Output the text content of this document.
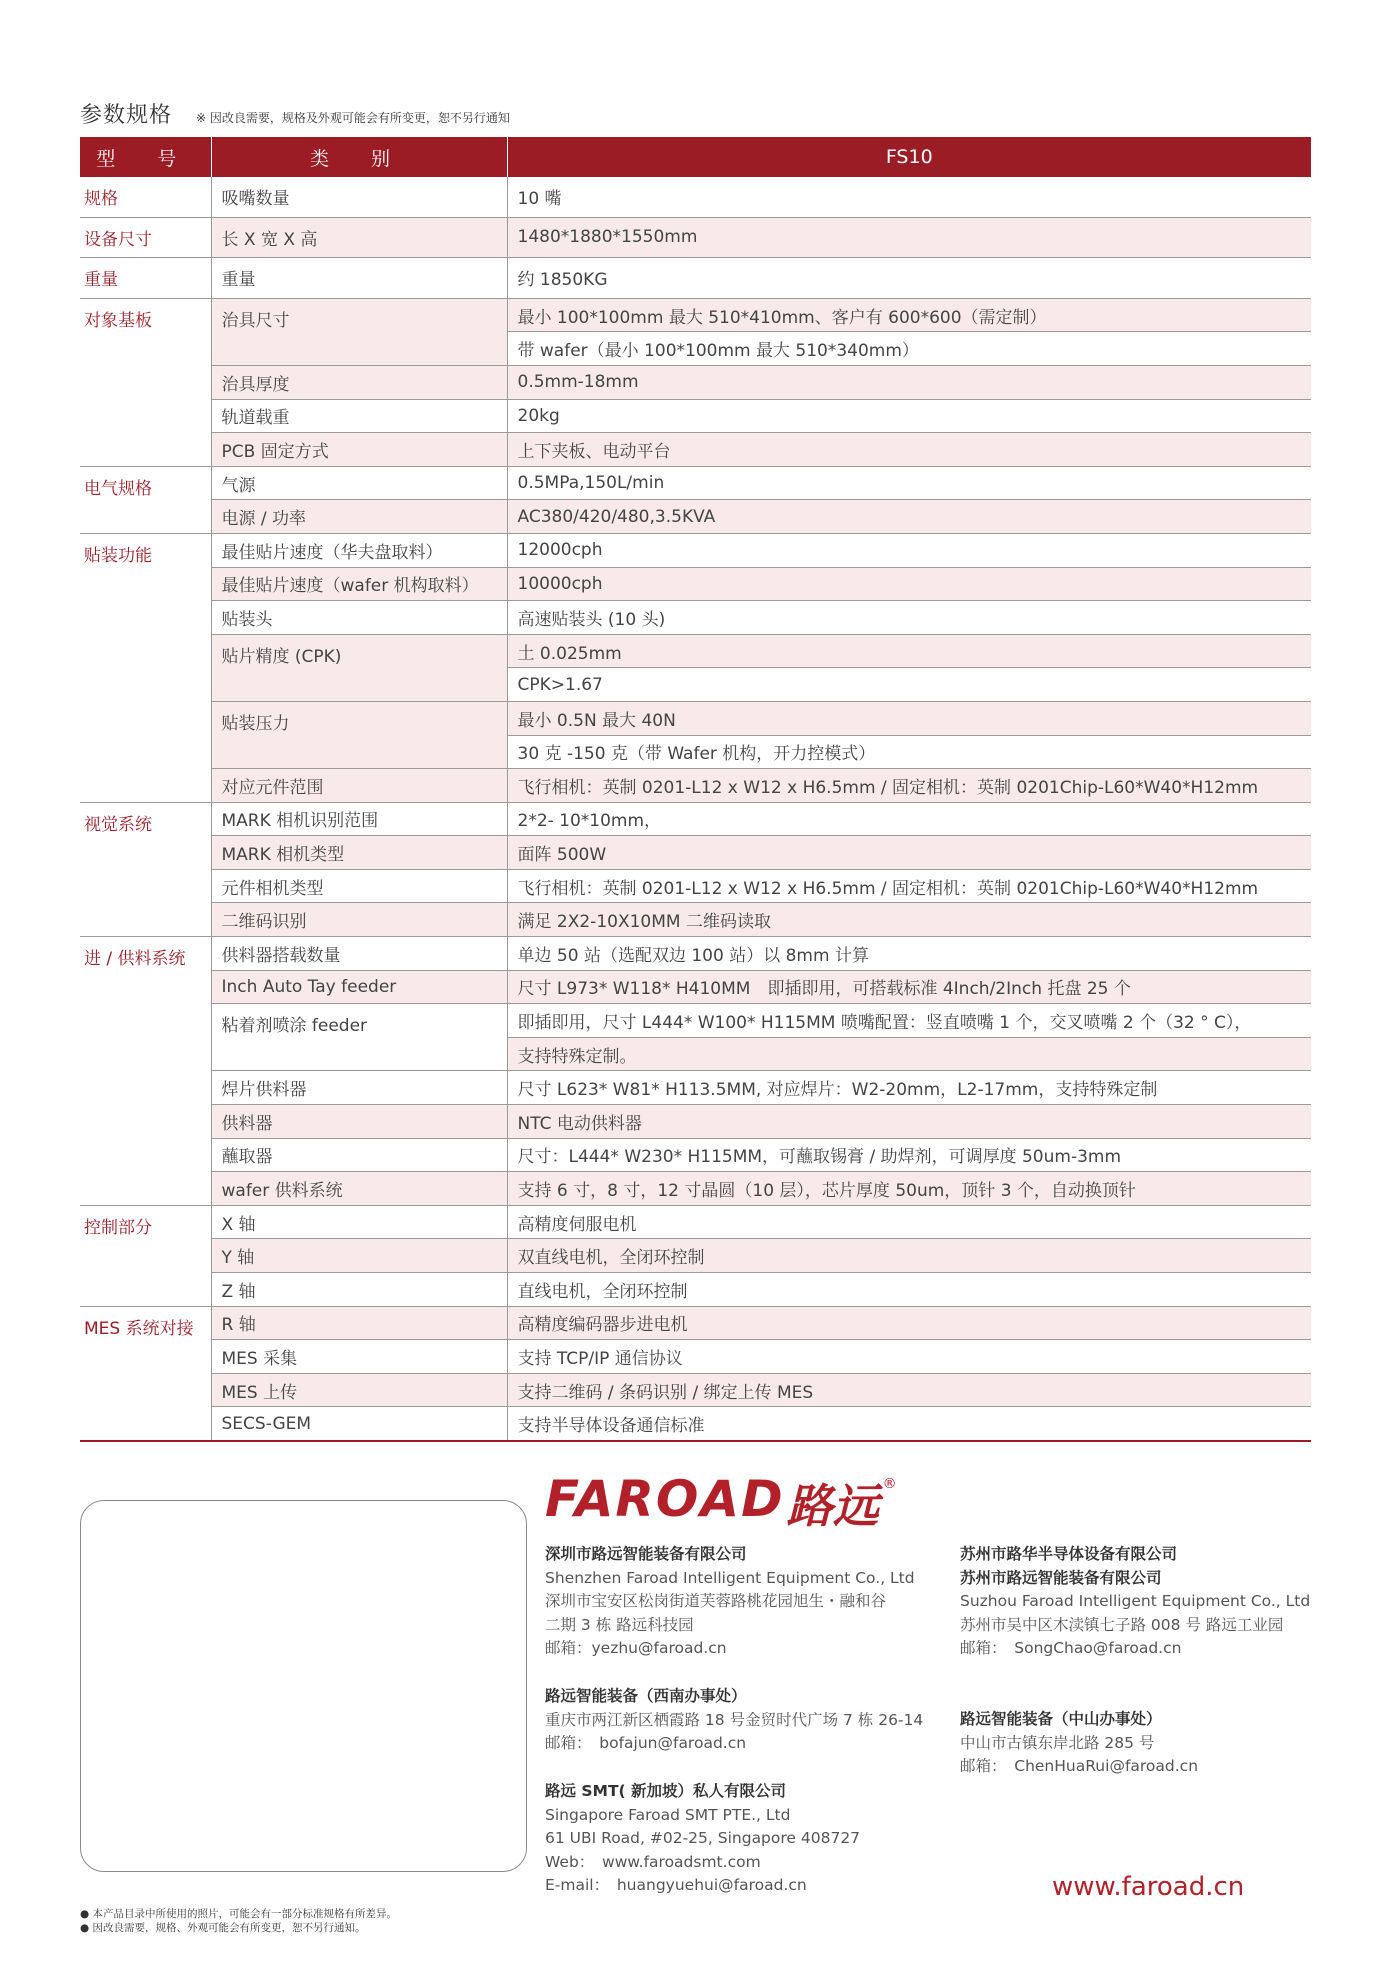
参数规格 ※ 因改良需要，规格及外观可能会有所变更，恕不另行通知
型 号	类 别	FS10
规格	吸嘴数量	10 嘴
设备尺寸	长 X 宽 X 高	1480*1880*1550mm
重量	重量	约 1850KG
对象基板	治具尺寸	最小 100*100mm 最大 510*410mm、客户有 600*600（需定制）
		带 wafer（最小 100*100mm 最大 510*340mm）
	治具厚度	0.5mm-18mm
	轨道载重	20kg
	PCB 固定方式	上下夹板、电动平台
电气规格	气源	0.5MPa,150L/min
	电源 / 功率	AC380/420/480,3.5KVA
贴装功能	最佳贴片速度（华夫盘取料）	12000cph
	最佳贴片速度（wafer 机构取料）	10000cph
	贴装头	高速贴装头 (10 头)
	贴片精度 (CPK)	土 0.025mm
		CPK>1.67
	贴装压力	最小 0.5N 最大 40N
		30 克 -150 克（带 Wafer 机构，开力控模式）
	对应元件范围	飞行相机：英制 0201-L12 x W12 x H6.5mm / 固定相机：英制 0201Chip-L60*W40*H12mm
视觉系统	MARK 相机识别范围	2*2- 10*10mm，
	MARK 相机类型	面阵 500W
	元件相机类型	飞行相机：英制 0201-L12 x W12 x H6.5mm / 固定相机：英制 0201Chip-L60*W40*H12mm
	二维码识别	满足 2X2-10X10MM 二维码读取
进 / 供料系统	供料器搭载数量	单边 50 站（选配双边 100 站）以 8mm 计算
	Inch Auto Tay feeder	尺寸 L973* W118* H410MM　即插即用，可搭载标准 4Inch/2Inch 托盘 25 个
	粘着剂喷涂 feeder	即插即用，尺寸 L444* W100* H115MM 喷嘴配置：竖直喷嘴 1 个，交叉喷嘴 2 个（32 ° C），
		支持特殊定制。
	焊片供料器	尺寸 L623* W81* H113.5MM, 对应焊片：W2-20mm，L2-17mm，支持特殊定制
	供料器	NTC 电动供料器
	蘸取器	尺寸：L444* W230* H115MM，可蘸取锡膏 / 助焊剂，可调厚度 50um-3mm
	wafer 供料系统	支持 6 寸，8 寸，12 寸晶圆（10 层），芯片厚度 50um，顶针 3 个，自动换顶针
控制部分	X 轴	高精度伺服电机
	Y 轴	双直线电机，全闭环控制
	Z 轴	直线电机，全闭环控制
MES 系统对接	R 轴	高精度编码器步进电机
	MES 采集	支持 TCP/IP 通信协议
	MES 上传	支持二维码 / 条码识别 / 绑定上传 MES
	SECS-GEM	支持半导体设备通信标准
FAROAD 路远 ®
深圳市路远智能装备有限公司
Shenzhen Faroad Intelligent Equipment Co., Ltd
深圳市宝安区松岗街道芙蓉路桃花园旭生・融和谷
二期 3 栋 路远科技园
邮箱：yezhu@faroad.cn
苏州市路华半导体设备有限公司
苏州市路远智能装备有限公司
Suzhou Faroad Intelligent Equipment Co., Ltd
苏州市吴中区木渎镇七子路 008 号 路远工业园
邮箱：　SongChao@faroad.cn
路远智能装备（西南办事处）
重庆市两江新区栖霞路 18 号金贸时代广场 7 栋 26-14
邮箱：　bofajun@faroad.cn
路远智能装备（中山办事处）
中山市古镇东岸北路 285 号
邮箱：　ChenHuaRui@faroad.cn
路远 SMT( 新加坡）私人有限公司
Singapore Faroad SMT PTE., Ltd
61 UBI Road, #02-25, Singapore 408727
Web：　www.faroadsmt.com
E-mail：　huangyuehui@faroad.cn	www.faroad.cn
● 本产品目录中所使用的照片，可能会有一部分标准规格有所差异。
● 因改良需要，规格、外观可能会有所变更，恕不另行通知。
